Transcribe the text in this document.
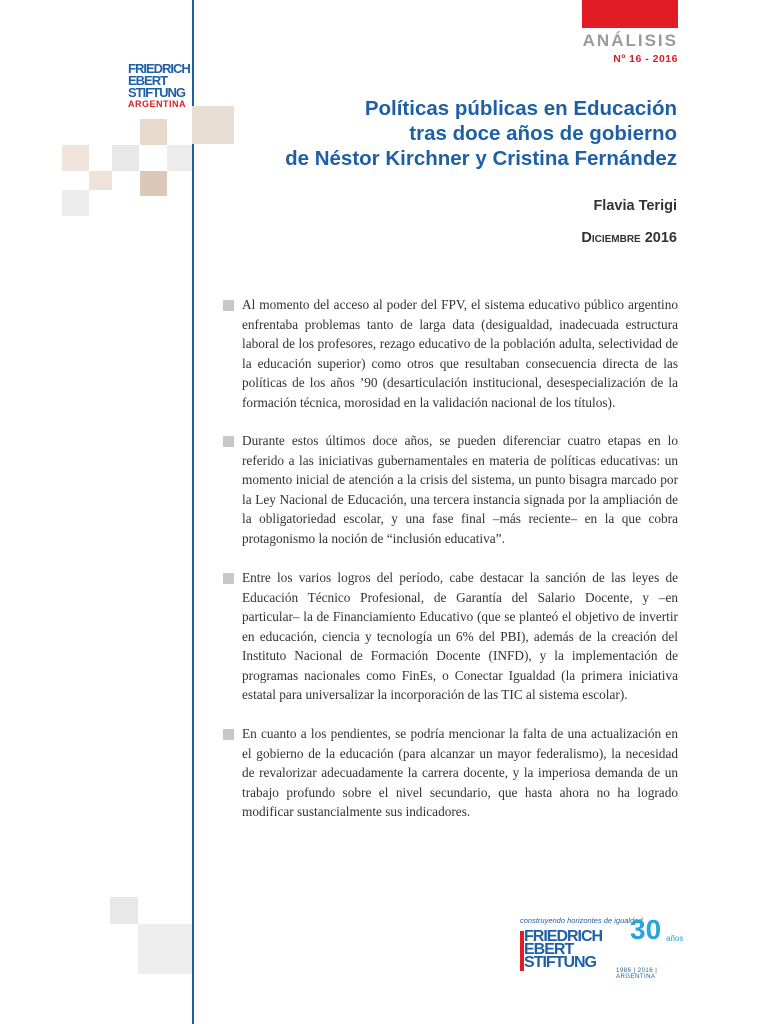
FRIEDRICH
EBERT
STIFTUNG
ARGENTINA
ANÁLISIS
Nº 16 - 2016
Políticas públicas en Educación
tras doce años de gobierno
de Néstor Kirchner y Cristina Fernández
Flavia Terigi
Diciembre 2016
Al momento del acceso al poder del FPV, el sistema educativo público argentino enfrentaba problemas tanto de larga data (desigualdad, inadecuada estructura laboral de los profesores, rezago educativo de la población adulta, selectividad de la educación superior) como otros que resultaban consecuencia directa de las políticas de los años ’90 (desarticulación institucional, desespecialización de la formación técnica, morosidad en la validación nacional de los títulos).
Durante estos últimos doce años, se pueden diferenciar cuatro etapas en lo referido a las iniciativas gubernamentales en materia de políticas educativas: un momento inicial de atención a la crisis del sistema, un punto bisagra marcado por la Ley Nacional de Educación, una tercera instancia signada por la ampliación de la obligatoriedad escolar, y una fase final –más reciente– en la que cobra protagonismo la noción de “inclusión educativa”.
Entre los varios logros del período, cabe destacar la sanción de las leyes de Educación Técnico Profesional, de Garantía del Salario Docente, y –en particular– la de Financiamiento Educativo (que se planteó el objetivo de invertir en educación, ciencia y tecnología un 6% del PBI), además de la creación del Instituto Nacional de Formación Docente (INFD), y la implementación de programas nacionales como FinEs, o Conectar Igualdad (la primera iniciativa estatal para universalizar la incorporación de las TIC al sistema escolar).
En cuanto a los pendientes, se podría mencionar la falta de una actualización en el gobierno de la educación (para alcanzar un mayor federalismo), la necesidad de revalorizar adecuadamente la carrera docente, y la imperiosa demanda de un trabajo profundo sobre el nivel secundario, que hasta ahora no ha logrado modificar sustancialmente sus indicadores.
construyendo horizontes de igualdad
FRIEDRICH
EBERT
STIFTUNG
30 años
1986 | 2016 | ARGENTINA
